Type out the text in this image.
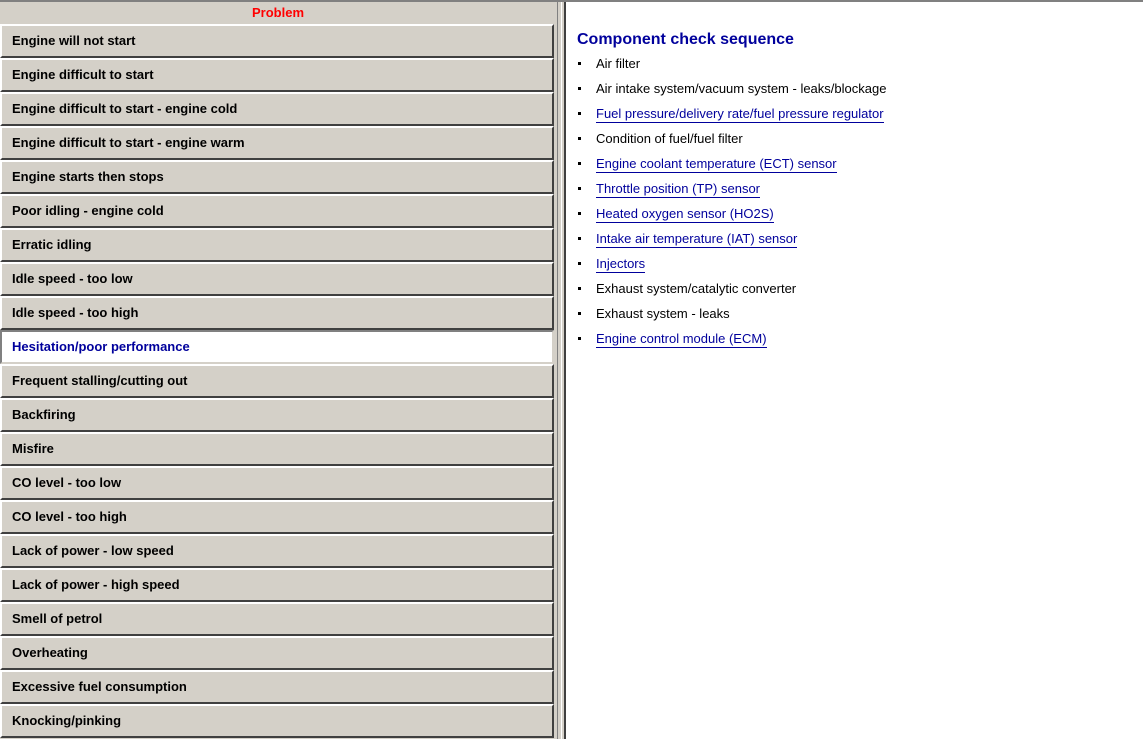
Problem
Engine will not start
Engine difficult to start
Engine difficult to start - engine cold
Engine difficult to start - engine warm
Engine starts then stops
Poor idling - engine cold
Erratic idling
Idle speed - too low
Idle speed - too high
Hesitation/poor performance
Frequent stalling/cutting out
Backfiring
Misfire
CO level - too low
CO level - too high
Lack of power - low speed
Lack of power - high speed
Smell of petrol
Overheating
Excessive fuel consumption
Knocking/pinking
Component check sequence
Air filter
Air intake system/vacuum system - leaks/blockage
Fuel pressure/delivery rate/fuel pressure regulator
Condition of fuel/fuel filter
Engine coolant temperature (ECT) sensor
Throttle position (TP) sensor
Heated oxygen sensor (HO2S)
Intake air temperature (IAT) sensor
Injectors
Exhaust system/catalytic converter
Exhaust system - leaks
Engine control module (ECM)
